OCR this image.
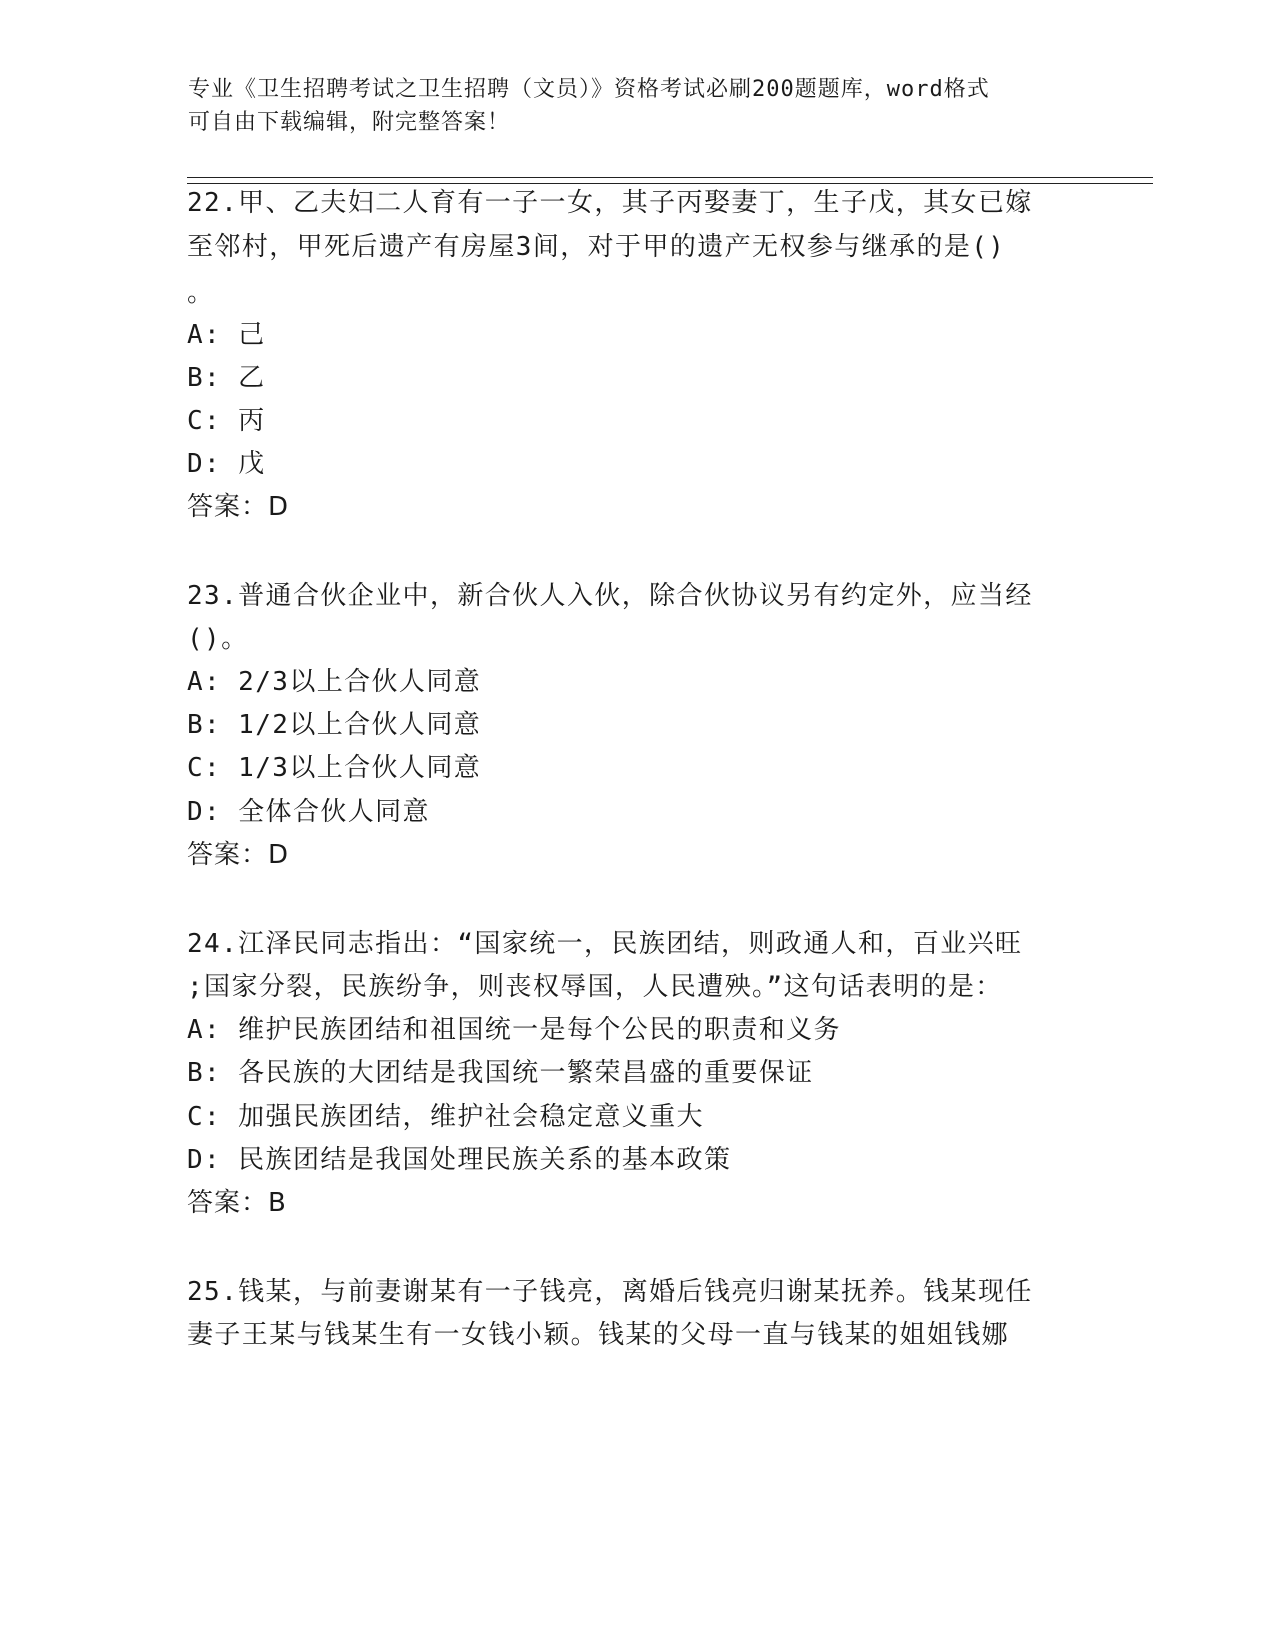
专业《卫生招聘考试之卫生招聘（文员）》资格考试必刷200题题库，word格式
可自由下载编辑，附完整答案！
22.甲、乙夫妇二人育有一子一女，其子丙娶妻丁，生子戊，其女已嫁
至邻村，甲死后遗产有房屋3间，对于甲的遗产无权参与继承的是()
。
A: 己
B: 乙
C: 丙
D: 戊
答案：D
23.普通合伙企业中，新合伙人入伙，除合伙协议另有约定外，应当经
()。
A: 2/3以上合伙人同意
B: 1/2以上合伙人同意
C: 1/3以上合伙人同意
D: 全体合伙人同意
答案：D
24.江泽民同志指出：“国家统一，民族团结，则政通人和，百业兴旺
;国家分裂，民族纷争，则丧权辱国，人民遭殃。”这句话表明的是：
A: 维护民族团结和祖国统一是每个公民的职责和义务
B: 各民族的大团结是我国统一繁荣昌盛的重要保证
C: 加强民族团结，维护社会稳定意义重大
D: 民族团结是我国处理民族关系的基本政策
答案：B
25.钱某，与前妻谢某有一子钱亮，离婚后钱亮归谢某抚养。钱某现任
妻子王某与钱某生有一女钱小颖。钱某的父母一直与钱某的姐姐钱娜
